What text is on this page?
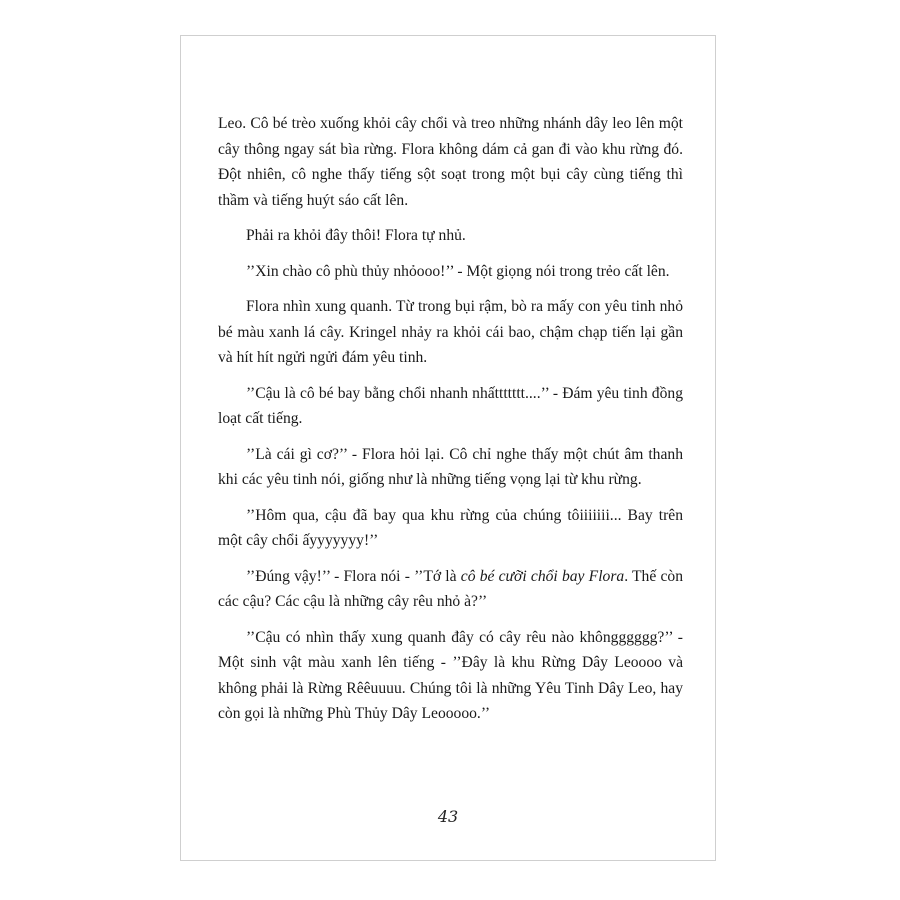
Leo. Cô bé trèo xuống khỏi cây chổi và treo những nhánh dây leo lên một cây thông ngay sát bìa rừng. Flora không dám cả gan đi vào khu rừng đó. Đột nhiên, cô nghe thấy tiếng sột soạt trong một bụi cây cùng tiếng thì thầm và tiếng huýt sáo cất lên.

Phải ra khỏi đây thôi! Flora tự nhủ.

’’Xin chào cô phù thủy nhỏooo!’’ - Một giọng nói trong trẻo cất lên.

Flora nhìn xung quanh. Từ trong bụi rậm, bò ra mấy con yêu tinh nhỏ bé màu xanh lá cây. Kringel nhảy ra khỏi cái bao, chậm chạp tiến lại gần và hít hít ngửi ngửi đám yêu tinh.

’’Cậu là cô bé bay bằng chổi nhanh nhấttttttt....’’ - Đám yêu tinh đồng loạt cất tiếng.

’’Là cái gì cơ?’’ - Flora hỏi lại. Cô chỉ nghe thấy một chút âm thanh khi các yêu tinh nói, giống như là những tiếng vọng lại từ khu rừng.

’’Hôm qua, cậu đã bay qua khu rừng của chúng tôiiiiiii... Bay trên một cây chổi ấyyyyyyy!’’

’’Đúng vậy!’’ - Flora nói - ’’Tớ là cô bé cưỡi chổi bay Flora. Thế còn các cậu? Các cậu là những cây rêu nhỏ à?’’

’’Cậu có nhìn thấy xung quanh đây có cây rêu nào khôngggggg?’’ - Một sinh vật màu xanh lên tiếng - ’’Đây là khu Rừng Dây Leoooo và không phải là Rừng Rêêuuuu. Chúng tôi là những Yêu Tinh Dây Leo, hay còn gọi là những Phù Thủy Dây Leooooo.’’

43
